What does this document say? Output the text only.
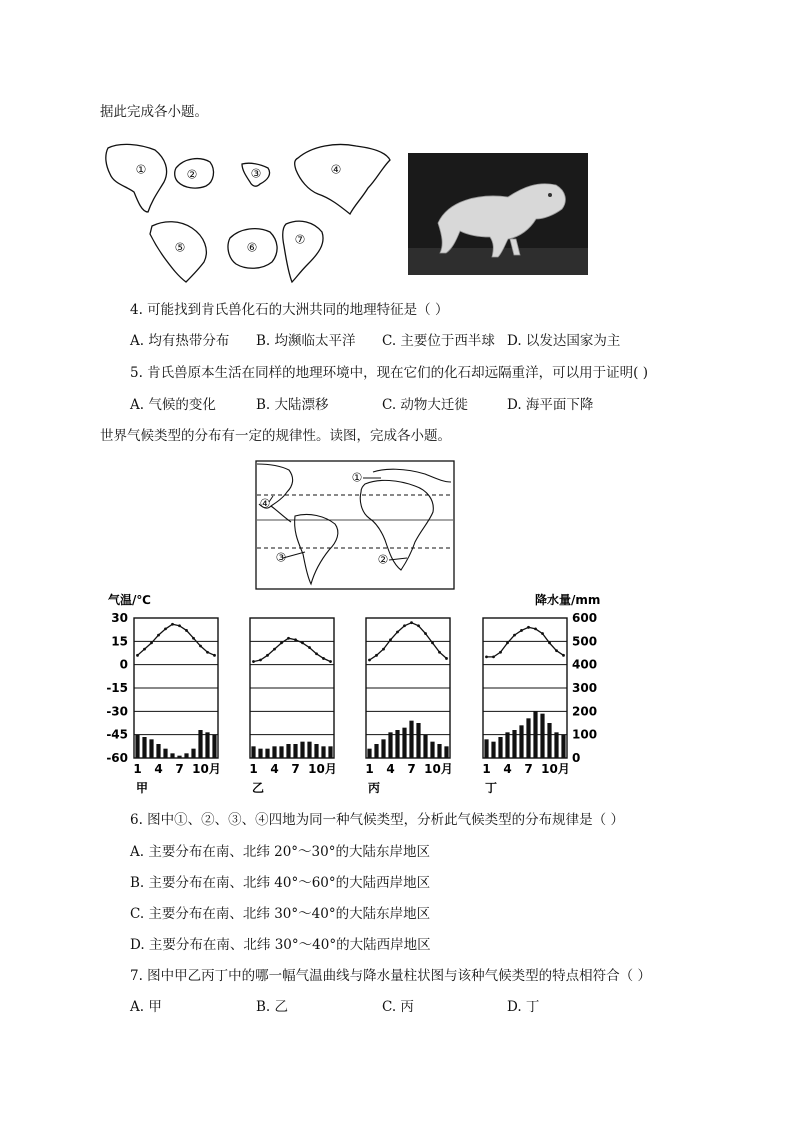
据此完成各小题。
①	②	③	④
⑤	⑥
⑦
4. 可能找到肯氏兽化石的大洲共同的地理特征是（ ）
A. 均有热带分布 B. 均濒临太平洋 C. 主要位于西半球 D. 以发达国家为主
5. 肯氏兽原本生活在同样的地理环境中，现在它们的化石却远隔重洋，可以用于证明( )
A. 气候的变化	B. 大陆漂移	C. 动物大迁徙	D. 海平面下降
世界气候类型的分布有一定的规律性。读图，完成各小题。
①
④
③	②
气温/℃	降水量/mm
30
15
0
-15
-30
-45
-60
600
500
400
300
200
100
0
1 4 7 10月
甲
1 4 7 10月
乙
1 4 7 10月
丙
1 4 7 10月
丁
6. 图中①、②、③、④四地为同一种气候类型，分析此气候类型的分布规律是（ ）
A. 主要分布在南、北纬 20°～30°的大陆东岸地区
B. 主要分布在南、北纬 40°～60°的大陆西岸地区
C. 主要分布在南、北纬 30°～40°的大陆东岸地区
D. 主要分布在南、北纬 30°～40°的大陆西岸地区
7. 图中甲乙丙丁中的哪一幅气温曲线与降水量柱状图与该种气候类型的特点相符合（ ）
A. 甲	B. 乙	C. 丙	D. 丁
